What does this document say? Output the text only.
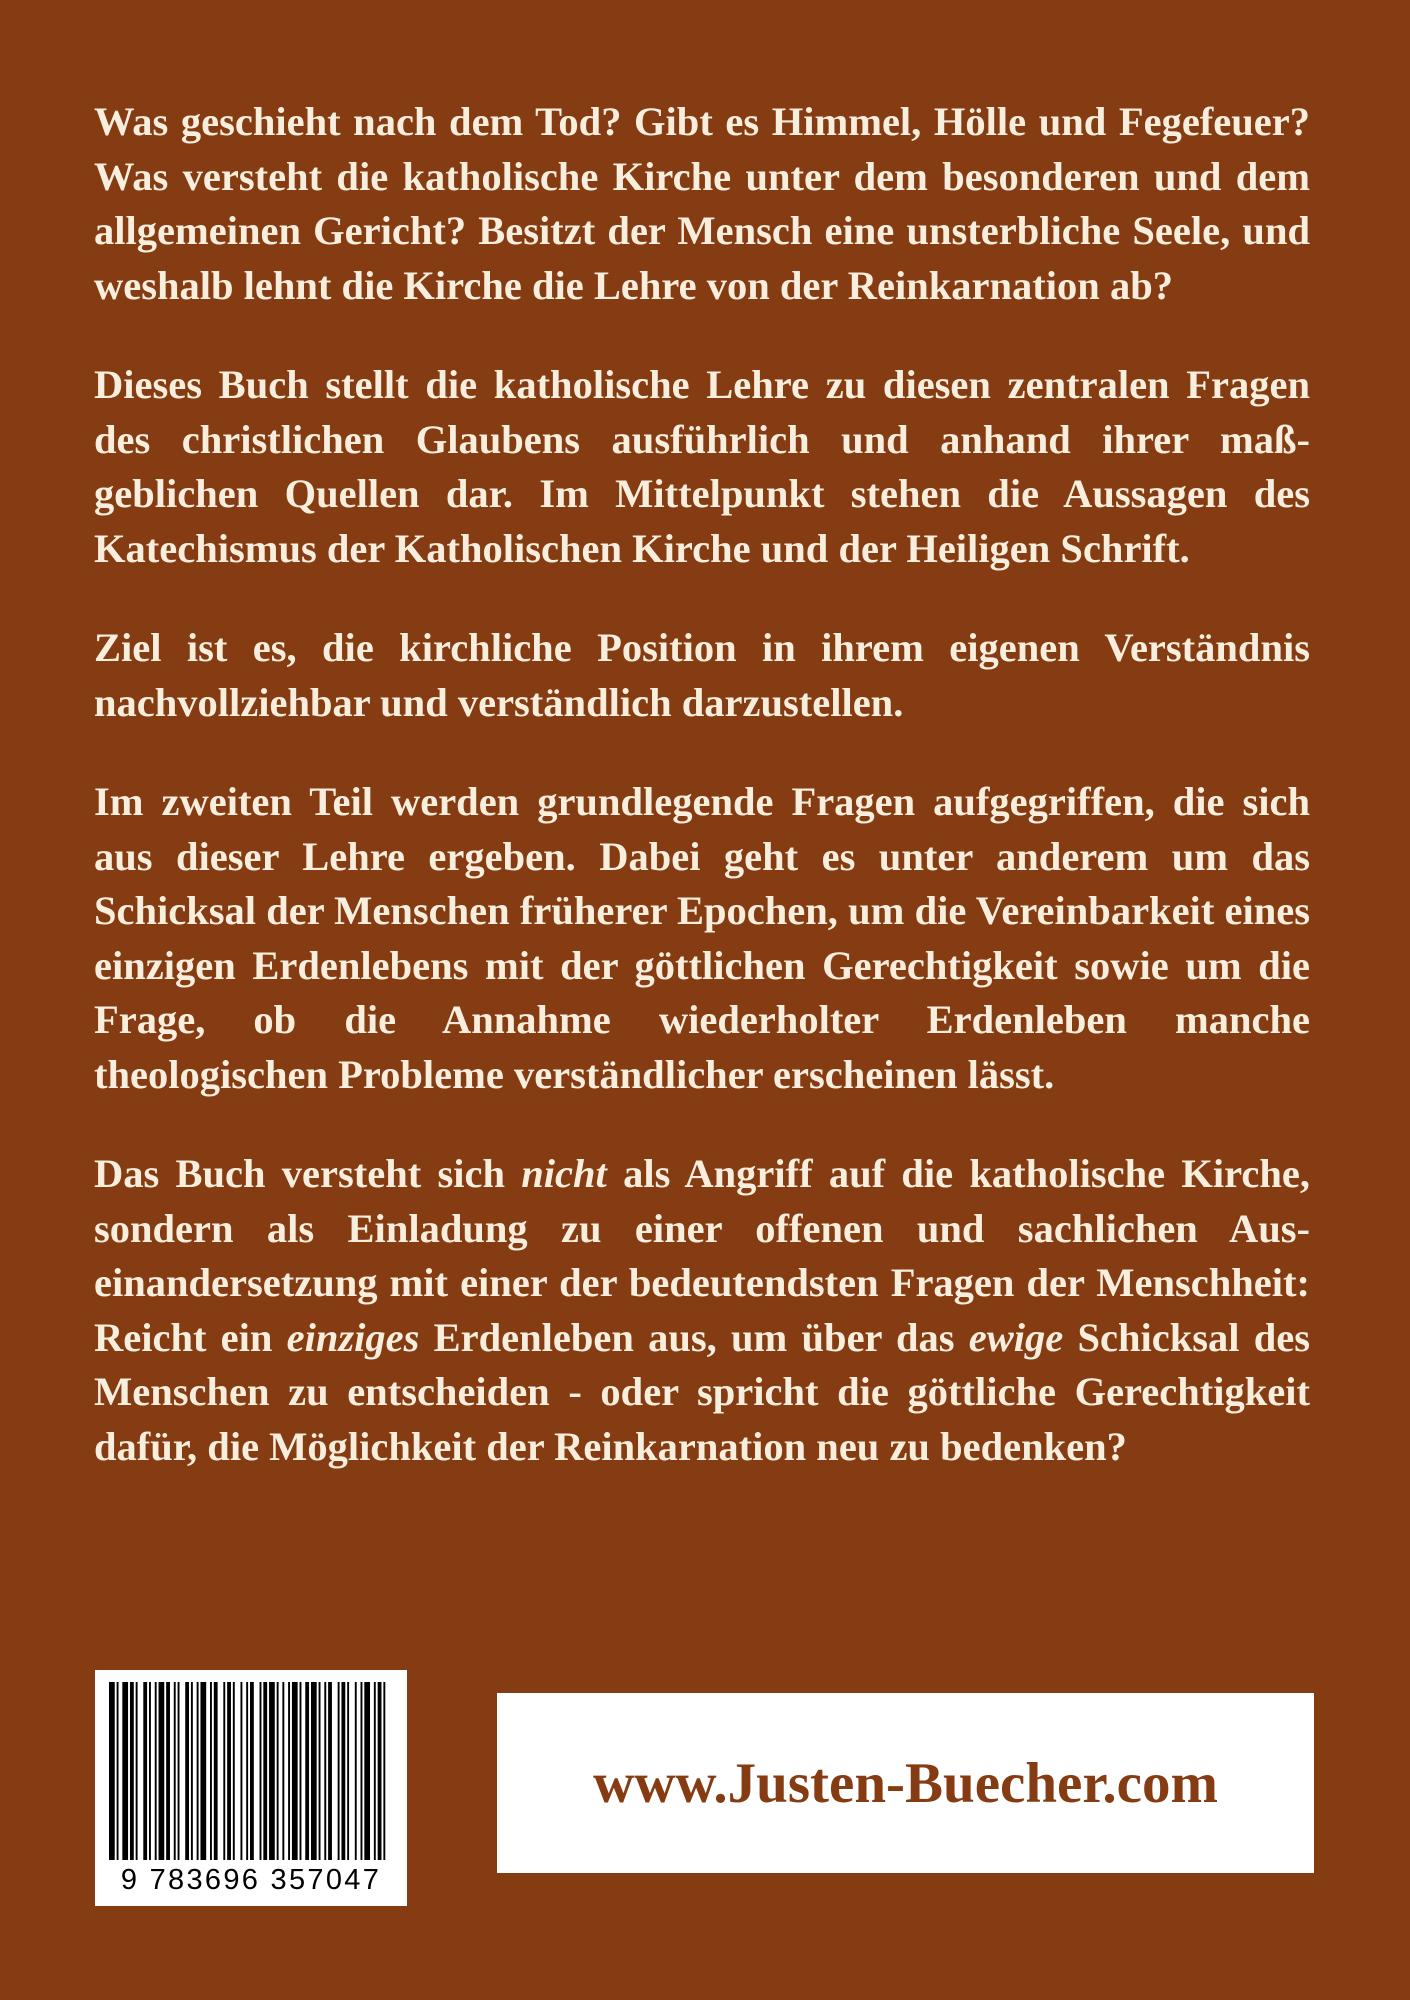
Was geschieht nach dem Tod? Gibt es Himmel, Hölle und Fegefeuer? Was versteht die katholische Kirche unter dem besonderen und dem allgemeinen Gericht? Besitzt der Mensch eine unsterbliche Seele, und weshalb lehnt die Kirche die Lehre von der Reinkarnation ab?

Dieses Buch stellt die katholische Lehre zu diesen zentralen Fragen des christlichen Glaubens ausführlich und anhand ihrer maßgeblichen Quellen dar. Im Mittelpunkt stehen die Aussagen des Katechismus der Katholischen Kirche und der Heiligen Schrift.

Ziel ist es, die kirchliche Position in ihrem eigenen Verständnis nachvollziehbar und verständlich darzustellen.

Im zweiten Teil werden grundlegende Fragen aufgegriffen, die sich aus dieser Lehre ergeben. Dabei geht es unter anderem um das Schicksal der Menschen früherer Epochen, um die Vereinbarkeit eines einzigen Erdenlebens mit der göttlichen Gerechtigkeit sowie um die Frage, ob die Annahme wiederholter Erdenleben manche theologischen Probleme verständlicher erscheinen lässt.

Das Buch versteht sich nicht als Angriff auf die katholische Kirche, sondern als Einladung zu einer offenen und sachlichen Auseinandersetzung mit einer der bedeutendsten Fragen der Menschheit: Reicht ein einziges Erdenleben aus, um über das ewige Schicksal des Menschen zu entscheiden - oder spricht die göttliche Gerechtigkeit dafür, die Möglichkeit der Reinkarnation neu zu bedenken?

9 783696 357047
www.Justen-Buecher.com
